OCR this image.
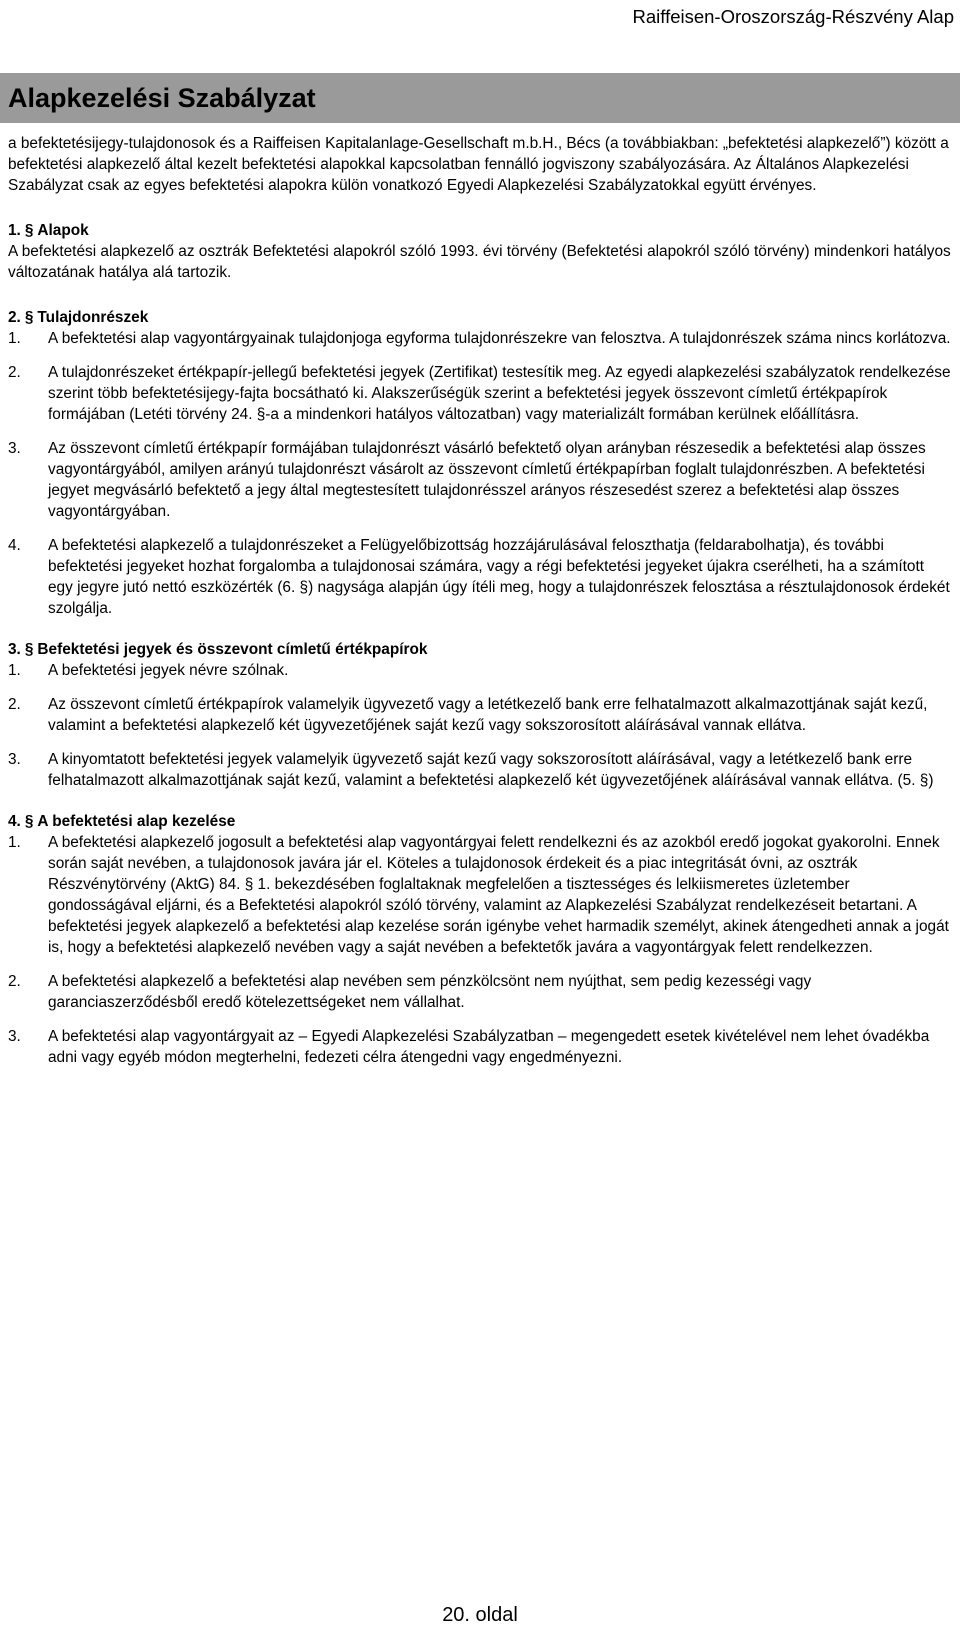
Raiffeisen-Oroszország-Részvény Alap
Alapkezelési Szabályzat

a befektetésijegy-tulajdonosok és a Raiffeisen Kapitalanlage-Gesellschaft m.b.H., Bécs (a továbbiakban: „befektetési alapkezelő”) között a befektetési alapkezelő által kezelt befektetési alapokkal kapcsolatban fennálló jogviszony szabályozására. Az Általános Alapkezelési Szabályzat csak az egyes befektetési alapokra külön vonatkozó Egyedi Alapkezelési Szabályzatokkal együtt érvényes.

1. § Alapok

A befektetési alapkezelő az osztrák Befektetési alapokról szóló 1993. évi törvény (Befektetési alapokról szóló törvény) mindenkori hatályos változatának hatálya alá tartozik.

2. § Tulajdonrészek

1.	A befektetési alap vagyontárgyainak tulajdonjoga egyforma tulajdonrészekre van felosztva. A tulajdonrészek száma nincs korlátozva.
2.	A tulajdonrészeket értékpapír-jellegű befektetési jegyek (Zertifikat) testesítik meg. Az egyedi alapkezelési szabályzatok rendelkezése szerint több befektetésijegy-fajta bocsátható ki. Alakszerűségük szerint a befektetési jegyek összevont címletű értékpapírok formájában (Letéti törvény 24. §-a a mindenkori hatályos változatban) vagy materializált formában kerülnek előállításra.
3.	Az összevont címletű értékpapír formájában tulajdonrészt vásárló befektető olyan arányban részesedik a befektetési alap összes vagyontárgyából, amilyen arányú tulajdonrészt vásárolt az összevont címletű értékpapírban foglalt tulajdonrészben. A befektetési jegyet megvásárló befektető a jegy által megtestesített tulajdonrésszel arányos részesedést szerez a befektetési alap összes vagyontárgyában.
4.	A befektetési alapkezelő a tulajdonrészeket a Felügyelőbizottság hozzájárulásával feloszthatja (feldarabolhatja), és további befektetési jegyeket hozhat forgalomba a tulajdonosai számára, vagy a régi befektetési jegyeket újakra cserélheti, ha a számított egy jegyre jutó nettó eszközérték (6. §) nagysága alapján úgy ítéli meg, hogy a tulajdonrészek felosztása a résztulajdonosok érdekét szolgálja.

3. § Befektetési jegyek és összevont címletű értékpapírok

1.	A befektetési jegyek névre szólnak.
2.	Az összevont címletű értékpapírok valamelyik ügyvezető vagy a letétkezelő bank erre felhatalmazott alkalmazottjának saját kezű, valamint a befektetési alapkezelő két ügyvezetőjének saját kezű vagy sokszorosított aláírásával vannak ellátva.
3.	A kinyomtatott befektetési jegyek valamelyik ügyvezető saját kezű vagy sokszorosított aláírásával, vagy a letétkezelő bank erre felhatalmazott alkalmazottjának saját kezű, valamint a befektetési alapkezelő két ügyvezetőjének aláírásával vannak ellátva. (5. §)

4. § A befektetési alap kezelése

1.	A befektetési alapkezelő jogosult a befektetési alap vagyontárgyai felett rendelkezni és az azokból eredő jogokat gyakorolni. Ennek során saját nevében, a tulajdonosok javára jár el. Köteles a tulajdonosok érdekeit és a piac integritását óvni, az osztrák Részvénytörvény (AktG) 84. § 1. bekezdésében foglaltaknak megfelelően a tisztességes és lelkiismeretes üzletember gondosságával eljárni, és a Befektetési alapokról szóló törvény, valamint az Alapkezelési Szabályzat rendelkezéseit betartani. A befektetési jegyek alapkezelő a befektetési alap kezelése során igénybe vehet harmadik személyt, akinek átengedheti annak a jogát is, hogy a befektetési alapkezelő nevében vagy a saját nevében a befektetők javára a vagyontárgyak felett rendelkezzen.
2.	A befektetési alapkezelő a befektetési alap nevében sem pénzkölcsönt nem nyújthat, sem pedig kezességi vagy garanciaszerződésből eredő kötelezettségeket nem vállalhat.
3.	A befektetési alap vagyontárgyait az – Egyedi Alapkezelési Szabályzatban – megengedett esetek kivételével nem lehet óvadékba adni vagy egyéb módon megterhelni, fedezeti célra átengedni vagy engedményezni.
20. oldal
